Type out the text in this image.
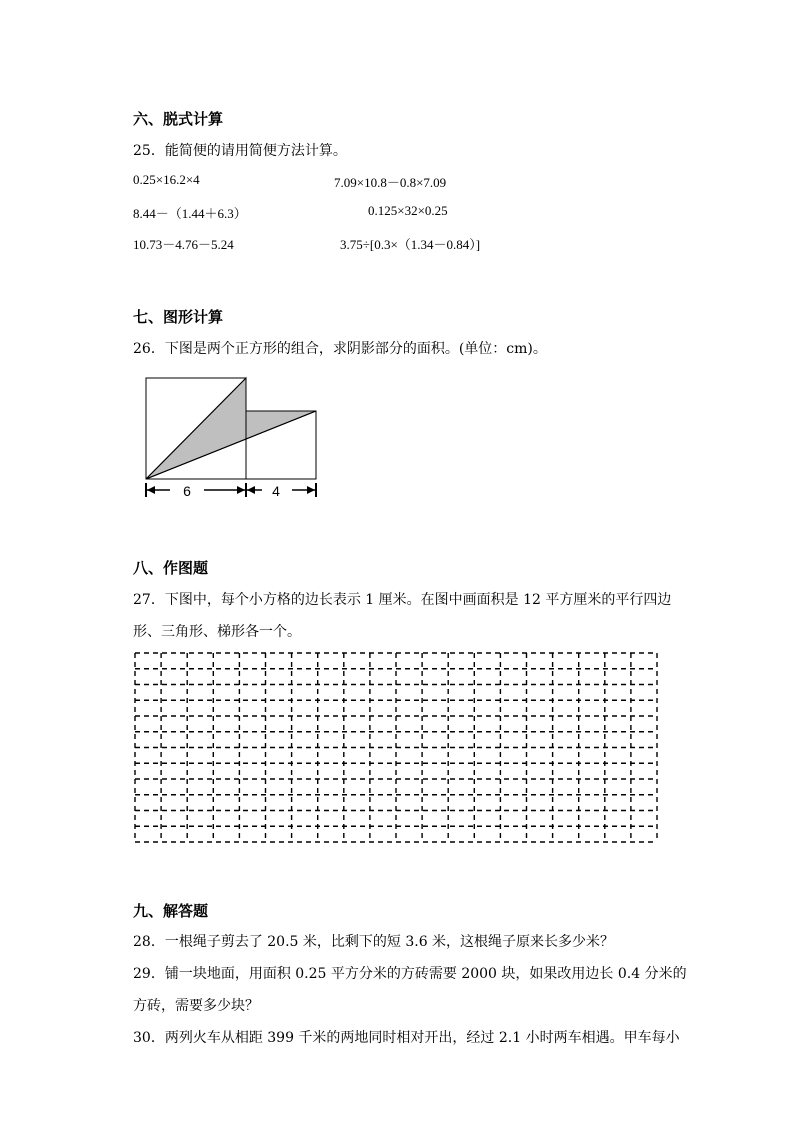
六、脱式计算
25．能简便的请用简便方法计算。
0.25×16.2×4	7.09×10.8－0.8×7.09
8.44－（1.44＋6.3）	0.125×32×0.25
10.73－4.76－5.24	3.75÷[0.3×（1.34－0.84）]
七、图形计算
26．下图是两个正方形的组合，求阴影部分的面积。(单位：cm)。
6	4
八、作图题
27．下图中，每个小方格的边长表示 1 厘米。在图中画面积是 12 平方厘米的平行四边
形、三角形、梯形各一个。
九、解答题
28．一根绳子剪去了 20.5 米，比剩下的短 3.6 米，这根绳子原来长多少米？
29．铺一块地面，用面积 0.25 平方分米的方砖需要 2000 块，如果改用边长 0.4 分米的
方砖，需要多少块？
30．两列火车从相距 399 千米的两地同时相对开出，经过 2.1 小时两车相遇。甲车每小
